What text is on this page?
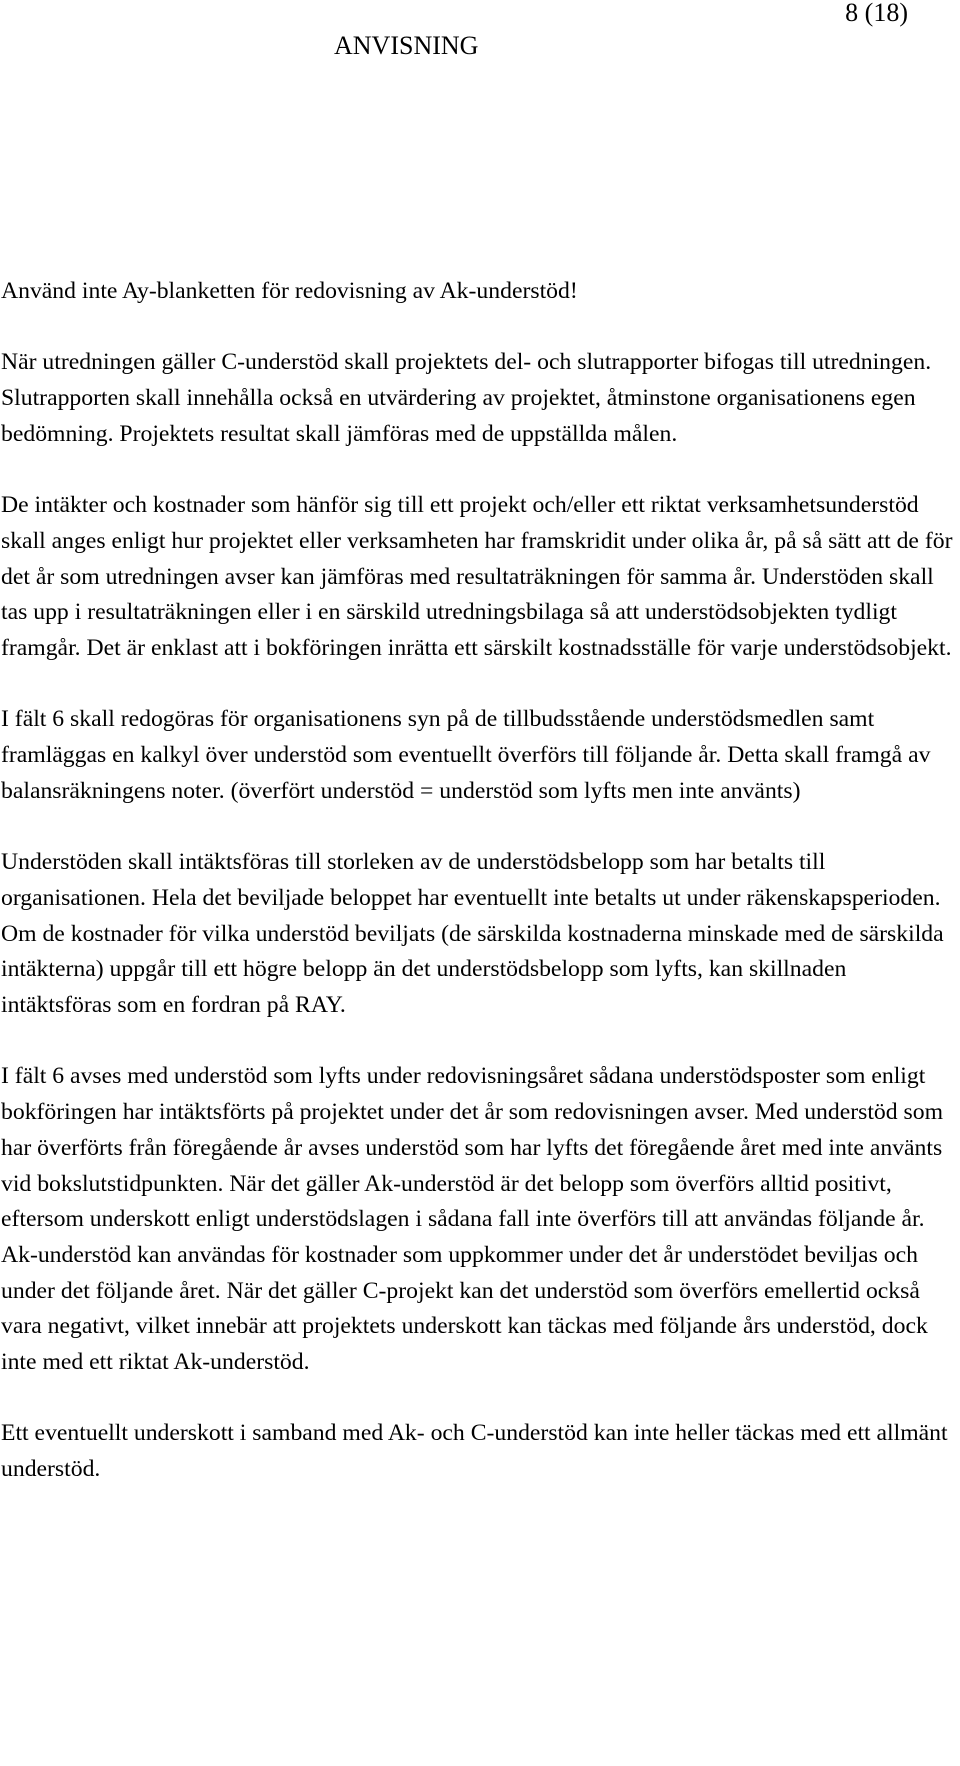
8 (18)
ANVISNING

Använd inte Ay-blanketten för redovisning av Ak-understöd!

När utredningen gäller C-understöd skall projektets del- och slutrapporter bifogas till utredningen. Slutrapporten skall innehålla också en utvärdering av projektet, åtminstone organisationens egen bedömning. Projektets resultat skall jämföras med de uppställda målen.

De intäkter och kostnader som hänför sig till ett projekt och/eller ett riktat verksamhetsunderstöd skall anges enligt hur projektet eller verksamheten har framskridit under olika år, på så sätt att de för det år som utredningen avser kan jämföras med resultaträkningen för samma år. Understöden skall tas upp i resultaträkningen eller i en särskild utredningsbilaga så att understödsobjekten tydligt framgår. Det är enklast att i bokföringen inrätta ett särskilt kostnadsställe för varje understödsobjekt.

I fält 6 skall redogöras för organisationens syn på de tillbudsstående understödsmedlen samt framläggas en kalkyl över understöd som eventuellt överförs till följande år. Detta skall framgå av balansräkningens noter. (överfört understöd = understöd som lyfts men inte använts)

Understöden skall intäktsföras till storleken av de understödsbelopp som har betalts till organisationen. Hela det beviljade beloppet har eventuellt inte betalts ut under räkenskapsperioden. Om de kostnader för vilka understöd beviljats (de särskilda kostnaderna minskade med de särskilda intäkterna) uppgår till ett högre belopp än det understödsbelopp som lyfts, kan skillnaden intäktsföras som en fordran på RAY.

I fält 6 avses med understöd som lyfts under redovisningsåret sådana understödsposter som enligt bokföringen har intäktsförts på projektet under det år som redovisningen avser. Med understöd som har överförts från föregående år avses understöd som har lyfts det föregående året med inte använts vid bokslutstidpunkten. När det gäller Ak-understöd är det belopp som överförs alltid positivt, eftersom underskott enligt understödslagen i sådana fall inte överförs till att användas följande år. Ak-understöd kan användas för kostnader som uppkommer under det år understödet beviljas och under det följande året. När det gäller C-projekt kan det understöd som överförs emellertid också vara negativt, vilket innebär att projektets underskott kan täckas med följande års understöd, dock inte med ett riktat Ak-understöd.

Ett eventuellt underskott i samband med Ak- och C-understöd kan inte heller täckas med ett allmänt understöd.
